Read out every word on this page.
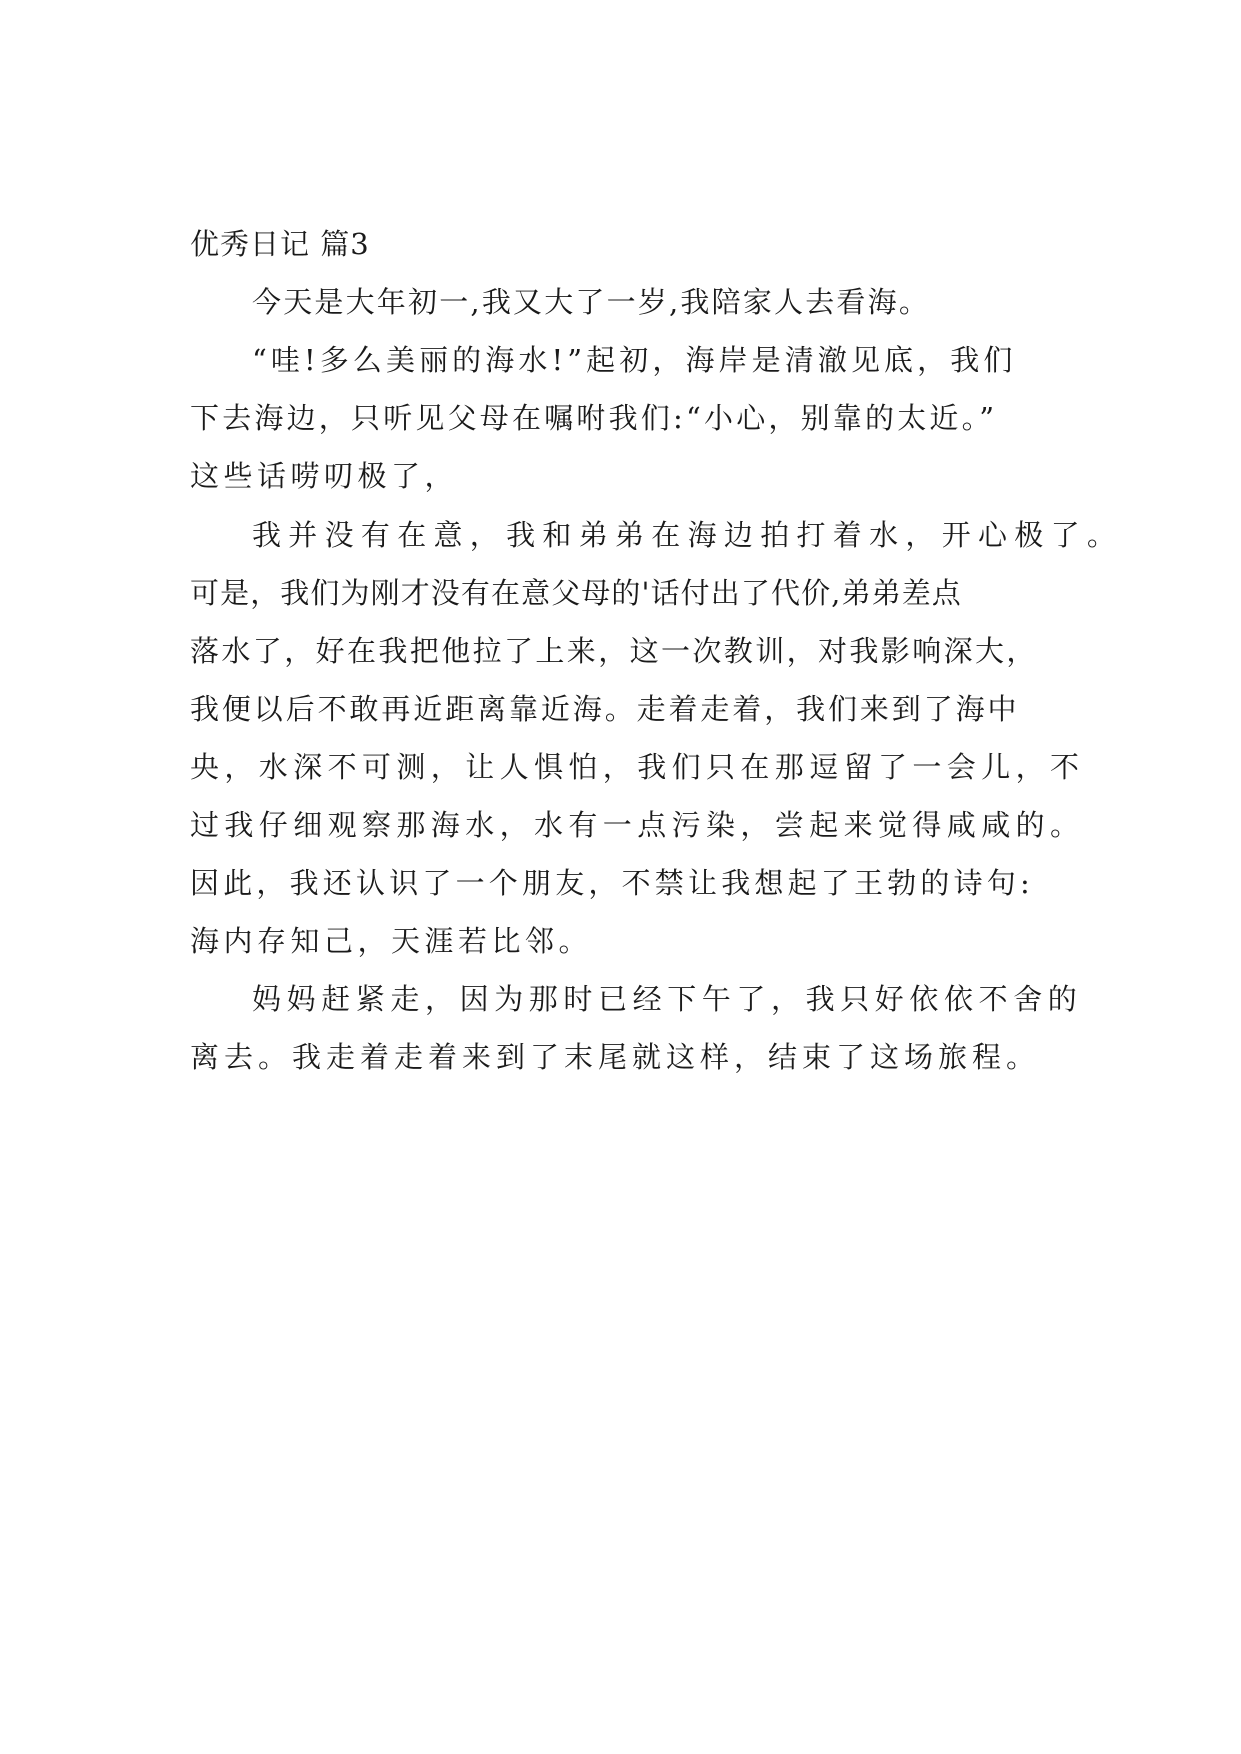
优秀日记 篇3
今天是大年初一,我又大了一岁,我陪家人去看海。
“哇!多么美丽的海水!”起初，海岸是清澈见底，我们
下去海边，只听见父母在嘱咐我们:“小心，别靠的太近。”
这些话唠叨极了，
我并没有在意，我和弟弟在海边拍打着水，开心极了。
可是，我们为刚才没有在意父母的'话付出了代价,弟弟差点
落水了，好在我把他拉了上来，这一次教训，对我影响深大，
我便以后不敢再近距离靠近海。走着走着，我们来到了海中
央，水深不可测，让人惧怕，我们只在那逗留了一会儿，不
过我仔细观察那海水，水有一点污染，尝起来觉得咸咸的。
因此，我还认识了一个朋友，不禁让我想起了王勃的诗句:
海内存知己，天涯若比邻。
妈妈赶紧走，因为那时已经下午了，我只好依依不舍的
离去。我走着走着来到了末尾就这样，结束了这场旅程。
